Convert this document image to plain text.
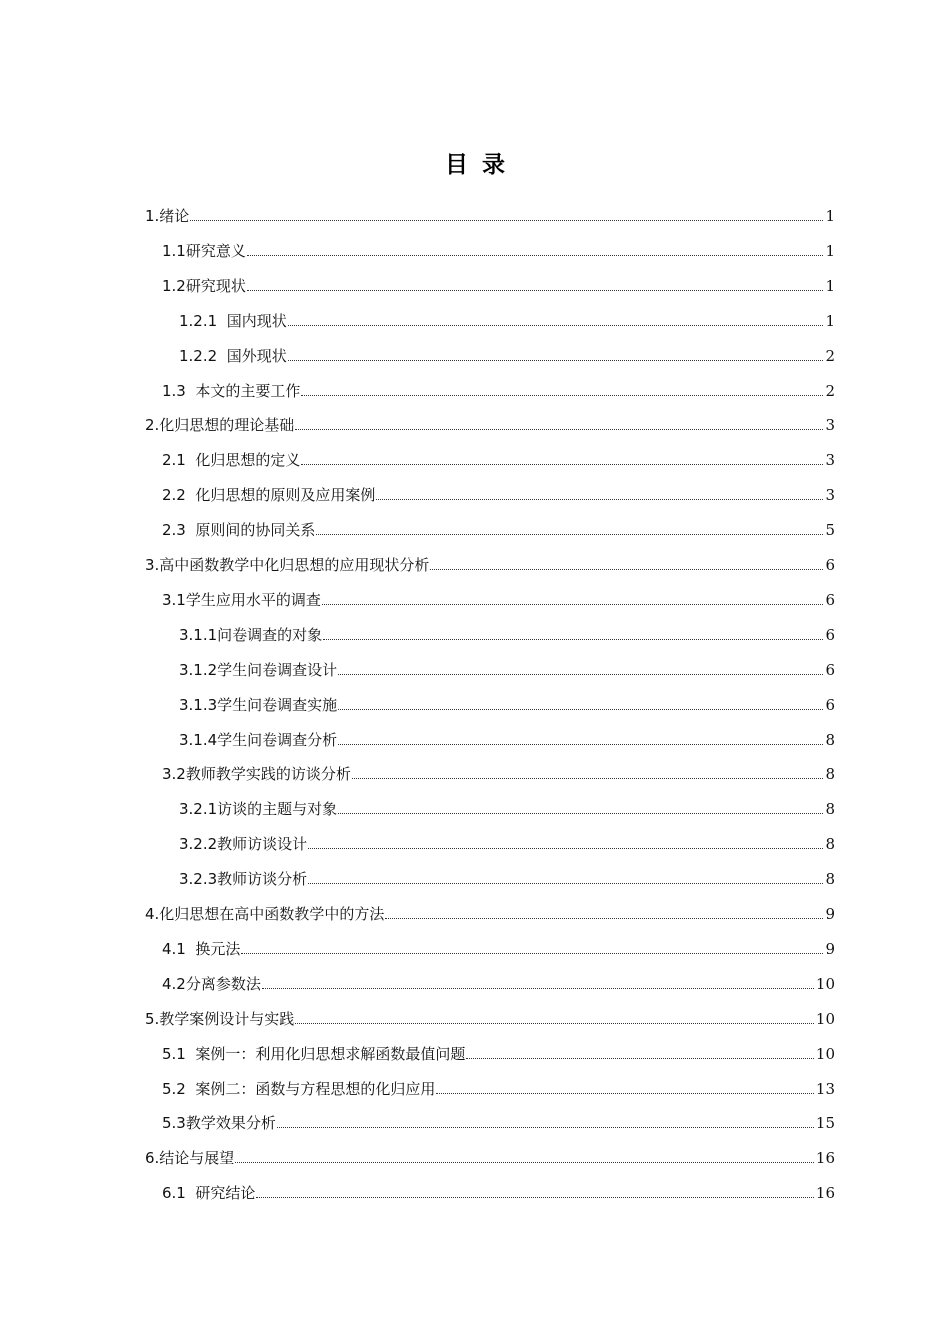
目 录
1.绪论	1
1.1研究意义	1
1.2研究现状	1
1.2.1  国内现状	1
1.2.2  国外现状	2
1.3  本文的主要工作	2
2.化归思想的理论基础	3
2.1  化归思想的定义	3
2.2  化归思想的原则及应用案例	3
2.3  原则间的协同关系	5
3.高中函数教学中化归思想的应用现状分析	6
3.1学生应用水平的调查	6
3.1.1问卷调查的对象	6
3.1.2学生问卷调查设计	6
3.1.3学生问卷调查实施	6
3.1.4学生问卷调查分析	8
3.2教师教学实践的访谈分析	8
3.2.1访谈的主题与对象	8
3.2.2教师访谈设计	8
3.2.3教师访谈分析	8
4.化归思想在高中函数教学中的方法	9
4.1  换元法	9
4.2分离参数法	10
5.教学案例设计与实践	10
5.1  案例一：利用化归思想求解函数最值问题	10
5.2  案例二：函数与方程思想的化归应用	13
5.3教学效果分析	15
6.结论与展望	16
6.1  研究结论	16
